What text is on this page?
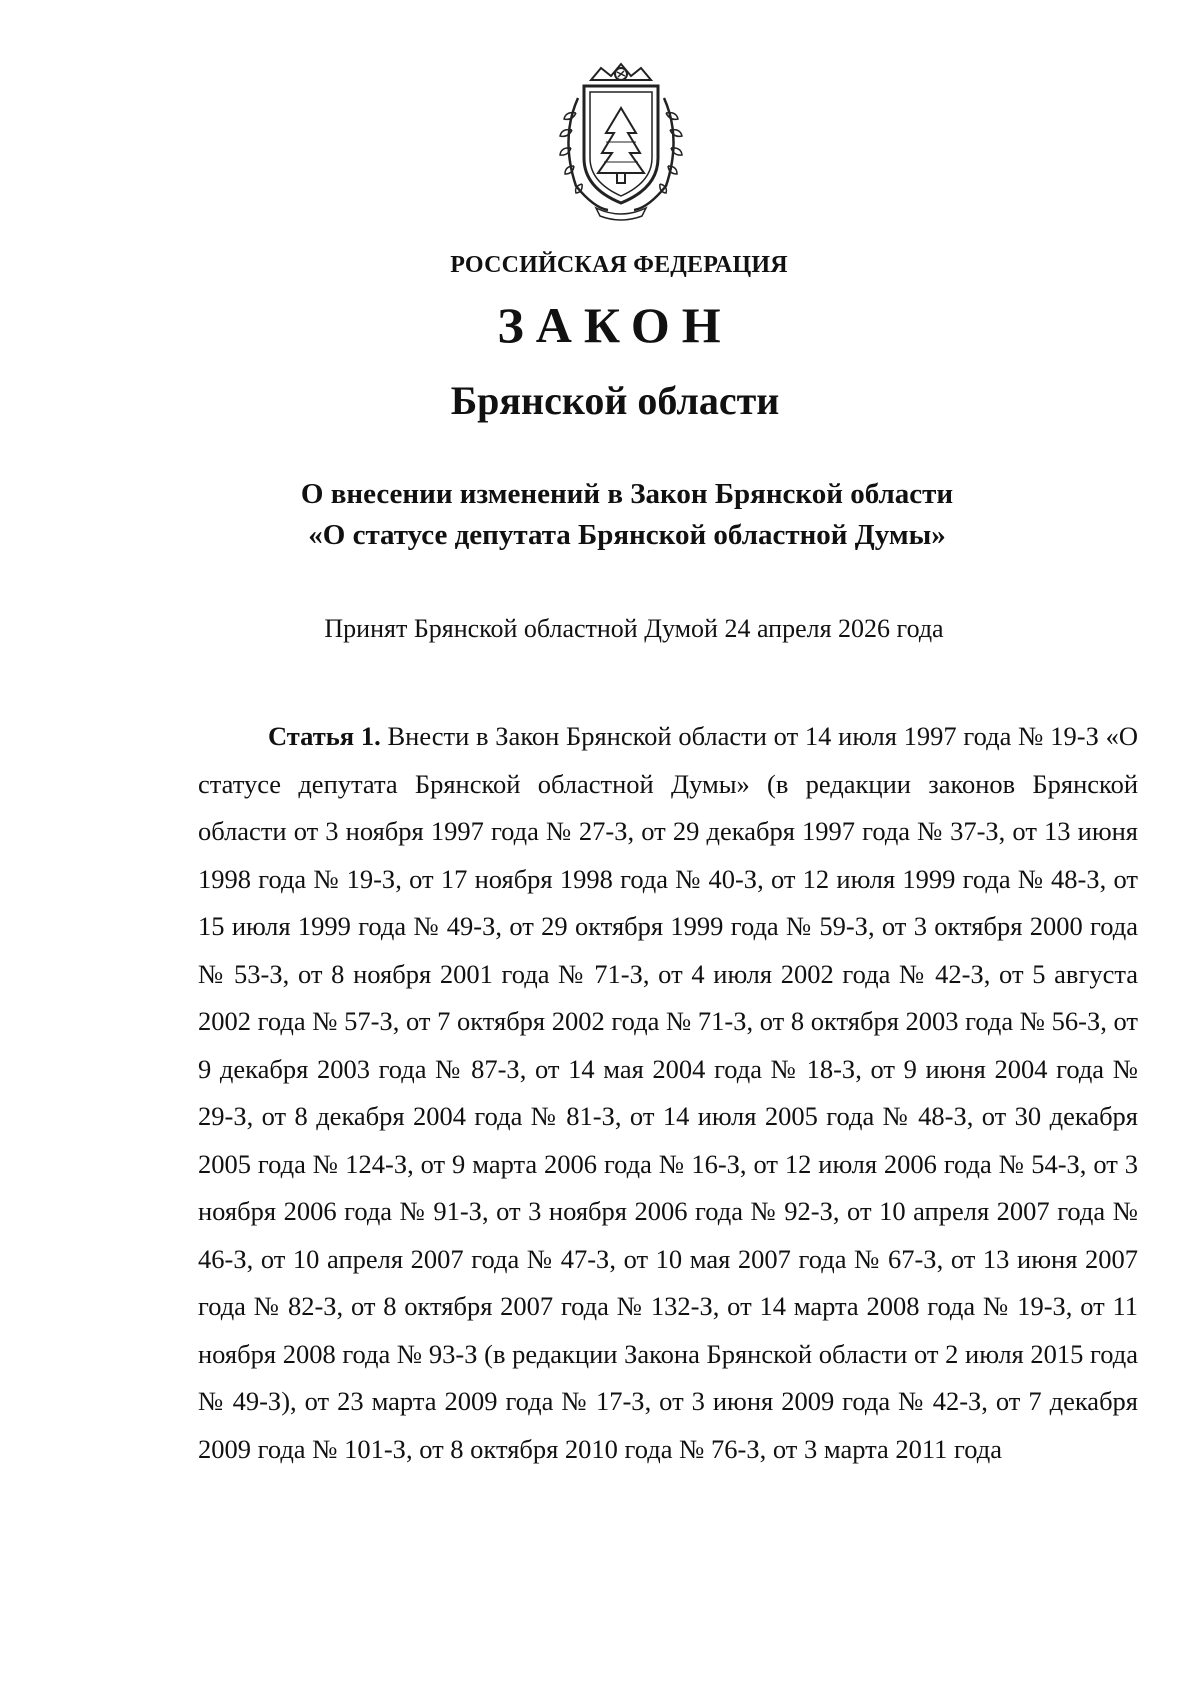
РОССИЙСКАЯ ФЕДЕРАЦИЯ
ЗАКОН
Брянской области
О внесении изменений в Закон Брянской области
«О статусе депутата Брянской областной Думы»
Принят Брянской областной Думой 24 апреля 2026 года

Статья 1. Внести в Закон Брянской области от 14 июля 1997 года № 19-З «О статусе депутата Брянской областной Думы» (в редакции законов Брянской области от 3 ноября 1997 года № 27-З, от 29 декабря 1997 года № 37-З, от 13 июня 1998 года № 19-З, от 17 ноября 1998 года № 40-З, от 12 июля 1999 года № 48-З, от 15 июля 1999 года № 49-З, от 29 октября 1999 года № 59-З, от 3 октября 2000 года № 53-З, от 8 ноября 2001 года № 71-З, от 4 июля 2002 года № 42-З, от 5 августа 2002 года № 57-З, от 7 октября 2002 года № 71-З, от 8 октября 2003 года № 56-З, от 9 декабря 2003 года № 87-З, от 14 мая 2004 года № 18-З, от 9 июня 2004 года № 29-З, от 8 декабря 2004 года № 81-З, от 14 июля 2005 года № 48-З, от 30 декабря 2005 года № 124-З, от 9 марта 2006 года № 16-З, от 12 июля 2006 года № 54-З, от 3 ноября 2006 года № 91-З, от 3 ноября 2006 года № 92-З, от 10 апреля 2007 года № 46-З, от 10 апреля 2007 года № 47-З, от 10 мая 2007 года № 67-З, от 13 июня 2007 года № 82-З, от 8 октября 2007 года № 132-З, от 14 марта 2008 года № 19-З, от 11 ноября 2008 года № 93-З (в редакции Закона Брянской области от 2 июля 2015 года № 49-З), от 23 марта 2009 года № 17-З, от 3 июня 2009 года № 42-З, от 7 декабря 2009 года № 101-З, от 8 октября 2010 года № 76-З, от 3 марта 2011 года
